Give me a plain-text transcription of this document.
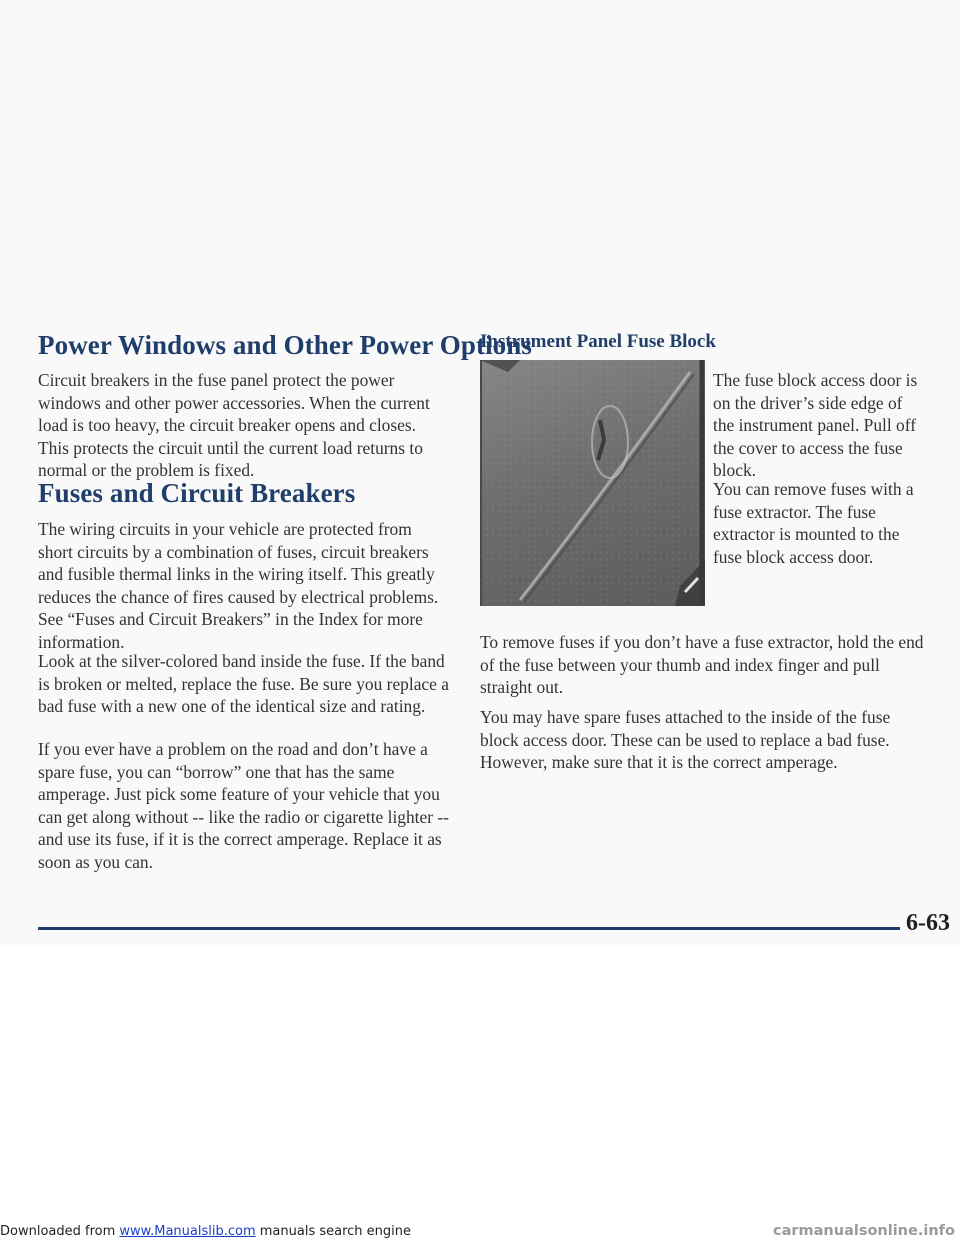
Power Windows and Other Power Options

Circuit breakers in the fuse panel protect the power windows and other power accessories. When the current load is too heavy, the circuit breaker opens and closes. This protects the circuit until the current load returns to normal or the problem is fixed.

Fuses and Circuit Breakers

The wiring circuits in your vehicle are protected from short circuits by a combination of fuses, circuit breakers and fusible thermal links in the wiring itself. This greatly reduces the chance of fires caused by electrical problems. See “Fuses and Circuit Breakers” in the Index for more information.

Look at the silver-colored band inside the fuse. If the band is broken or melted, replace the fuse. Be sure you replace a bad fuse with a new one of the identical size and rating.

If you ever have a problem on the road and don’t have a spare fuse, you can “borrow” one that has the same amperage. Just pick some feature of your vehicle that you can get along without -- like the radio or cigarette lighter -- and use its fuse, if it is the correct amperage. Replace it as soon as you can.

Instrument Panel Fuse Block

The fuse block access door is on the driver’s side edge of the instrument panel. Pull off the cover to access the fuse block.

You can remove fuses with a fuse extractor. The fuse extractor is mounted to the fuse block access door.

To remove fuses if you don’t have a fuse extractor, hold the end of the fuse between your thumb and index finger and pull straight out.

You may have spare fuses attached to the inside of the fuse block access door. These can be used to replace a bad fuse. However, make sure that it is the correct amperage.

6-63
Downloaded from www.Manualslib.com manuals search engine	carmanualsonline.info
